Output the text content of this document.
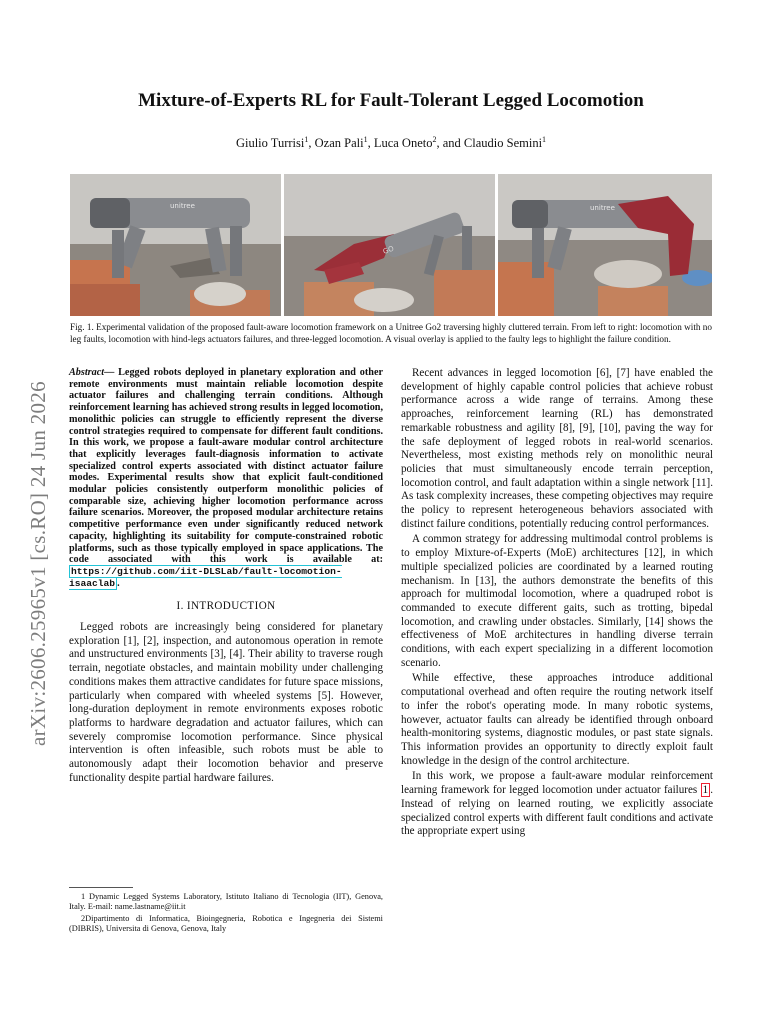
arXiv:2606.25965v1 [cs.RO] 24 Jun 2026
Mixture-of-Experts RL for Fault-Tolerant Legged Locomotion
Giulio Turrisi$^1$, Ozan Pali$^1$, Luca Oneto$^2$, and Claudio Semini$^1$
unitree
GO
unitree
Fig. 1. Experimental validation of the proposed fault-aware locomotion framework on a Unitree Go2 traversing highly cluttered terrain. From left to right: locomotion with no leg faults, locomotion with hind-legs actuators failures, and three-legged locomotion. A visual overlay is applied to the faulty legs to highlight the failure condition.
Abstract— Legged robots deployed in planetary exploration and other remote environments must maintain reliable locomotion despite actuator failures and challenging terrain conditions. Although reinforcement learning has achieved strong results in legged locomotion, monolithic policies can struggle to efficiently represent the diverse control strategies required to compensate for different fault conditions. In this work, we propose a fault-aware modular control architecture that explicitly leverages fault-diagnosis information to activate specialized control experts associated with distinct actuator failure modes. Experimental results show that explicit fault-conditioned modular policies consistently outperform monolithic policies of comparable size, achieving higher locomotion performance across failure scenarios. Moreover, the proposed modular architecture retains competitive performance even under significantly reduced network capacity, highlighting its suitability for compute-constrained robotic platforms, such as those typically employed in space applications. The code associated with this work is available at: https://github.com/iit-DLSLab/fault-locomotion-isaaclab .
I. INTRODUCTION

Legged robots are increasingly being considered for planetary exploration [1], [2], inspection, and autonomous operation in remote and unstructured environments [3], [4]. Their ability to traverse rough terrain, negotiate obstacles, and maintain mobility under challenging conditions makes them attractive candidates for future space missions, particularly when compared with wheeled systems [5]. However, long-duration deployment in remote environments exposes robotic platforms to hardware degradation and actuator failures, which can severely compromise locomotion performance. Since physical intervention is often infeasible, such robots must be able to autonomously adapt their locomotion behavior and preserve functionality despite partial hardware failures.

1 Dynamic Legged Systems Laboratory, Istituto Italiano di Tecnologia (IIT), Genova, Italy. E-mail: name.lastname@iit.it

2Dipartimento di Informatica, Bioingegneria, Robotica e Ingegneria dei Sistemi (DIBRIS), Universita di Genova, Genova, Italy

Recent advances in legged locomotion [6], [7] have enabled the development of highly capable control policies that achieve robust performance across a wide range of terrains. Among these approaches, reinforcement learning (RL) has demonstrated remarkable robustness and agility [8], [9], [10], paving the way for the safe deployment of legged robots in real-world scenarios. Nevertheless, most existing methods rely on monolithic neural policies that must simultaneously encode terrain perception, locomotion control, and fault adaptation within a single network [11]. As task complexity increases, these competing objectives may require the policy to represent heterogeneous behaviors associated with distinct failure conditions, potentially reducing control performances.

A common strategy for addressing multimodal control problems is to employ Mixture-of-Experts (MoE) architectures [12], in which multiple specialized policies are coordinated by a learned routing mechanism. In [13], the authors demonstrate the benefits of this approach for multimodal locomotion, where a quadruped robot is commanded to execute different gaits, such as trotting, bipedal locomotion, and crawling under obstacles. Similarly, [14] shows the effectiveness of MoE architectures in handling diverse terrain conditions, with each expert specializing in a different locomotion scenario.

While effective, these approaches introduce additional computational overhead and often require the routing network itself to infer the robot's operating mode. In many robotic systems, however, actuator faults can already be identified through onboard health-monitoring systems, diagnostic modules, or past state signals. This information provides an opportunity to directly exploit fault knowledge in the design of the control architecture.

In this work, we propose a fault-aware modular reinforcement learning framework for legged locomotion under actuator failures 1 . Instead of relying on learned routing, we explicitly associate specialized control experts with different fault conditions and activate the appropriate expert using
